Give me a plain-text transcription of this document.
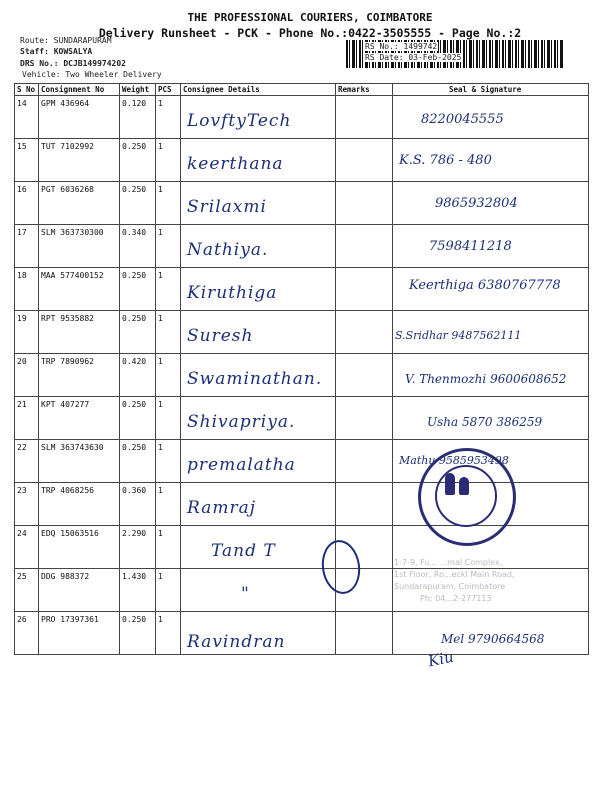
THE PROFESSIONAL COURIERS, COIMBATORE
Delivery Runsheet - PCK - Phone No.:0422-3505555 - Page No.:2
Route: SUNDARAPURAM
Staff: KOWSALYA
DRS No.: DCJB149974202
Vehicle: Two Wheeler Delivery
RS No.: 1499742
RS Date: 03-Feb-2025
S No	Consignment No	Weight	PCS	Consignee Details	Remarks	Seal & Signature
14	GPM 436964	0.120	1	LovftyTech		8220045555

15	TUT 7102992	0.250	1	keerthana		K.S. 786 - 480

16	PGT 6036268	0.250	1	Srilaxmi		9865932804

17	SLM 363730300	0.340	1	Nathiya.		7598411218

18	MAA 577400152	0.250	1	Kiruthiga		Keerthiga 6380767778

19	RPT 9535882	0.250	1	Suresh		S.Sridhar 9487562111

20	TRP 7890962	0.420	1	Swaminathan.		V. Thenmozhi 9600608652

21	KPT 407277	0.250	1	Shivapriya.		Usha 5870 386259

22	SLM 363743630	0.250	1	premalatha		Mathu 9585953498

23	TRP 4068256	0.360	1	Ramraj		

24	EDQ 15063516	2.290	1	Tand T		

25	DDG 988372	1.430	1	"		

26	PRO 17397361	0.250	1	Ravindran		Mel 9790664568
1-7-9, Fu... ...mal Complex,
1st Floor, Ro...eckl Main Road,
Sundarapuram, Coimbatore
Ph: 04...2-277113
Kiu
